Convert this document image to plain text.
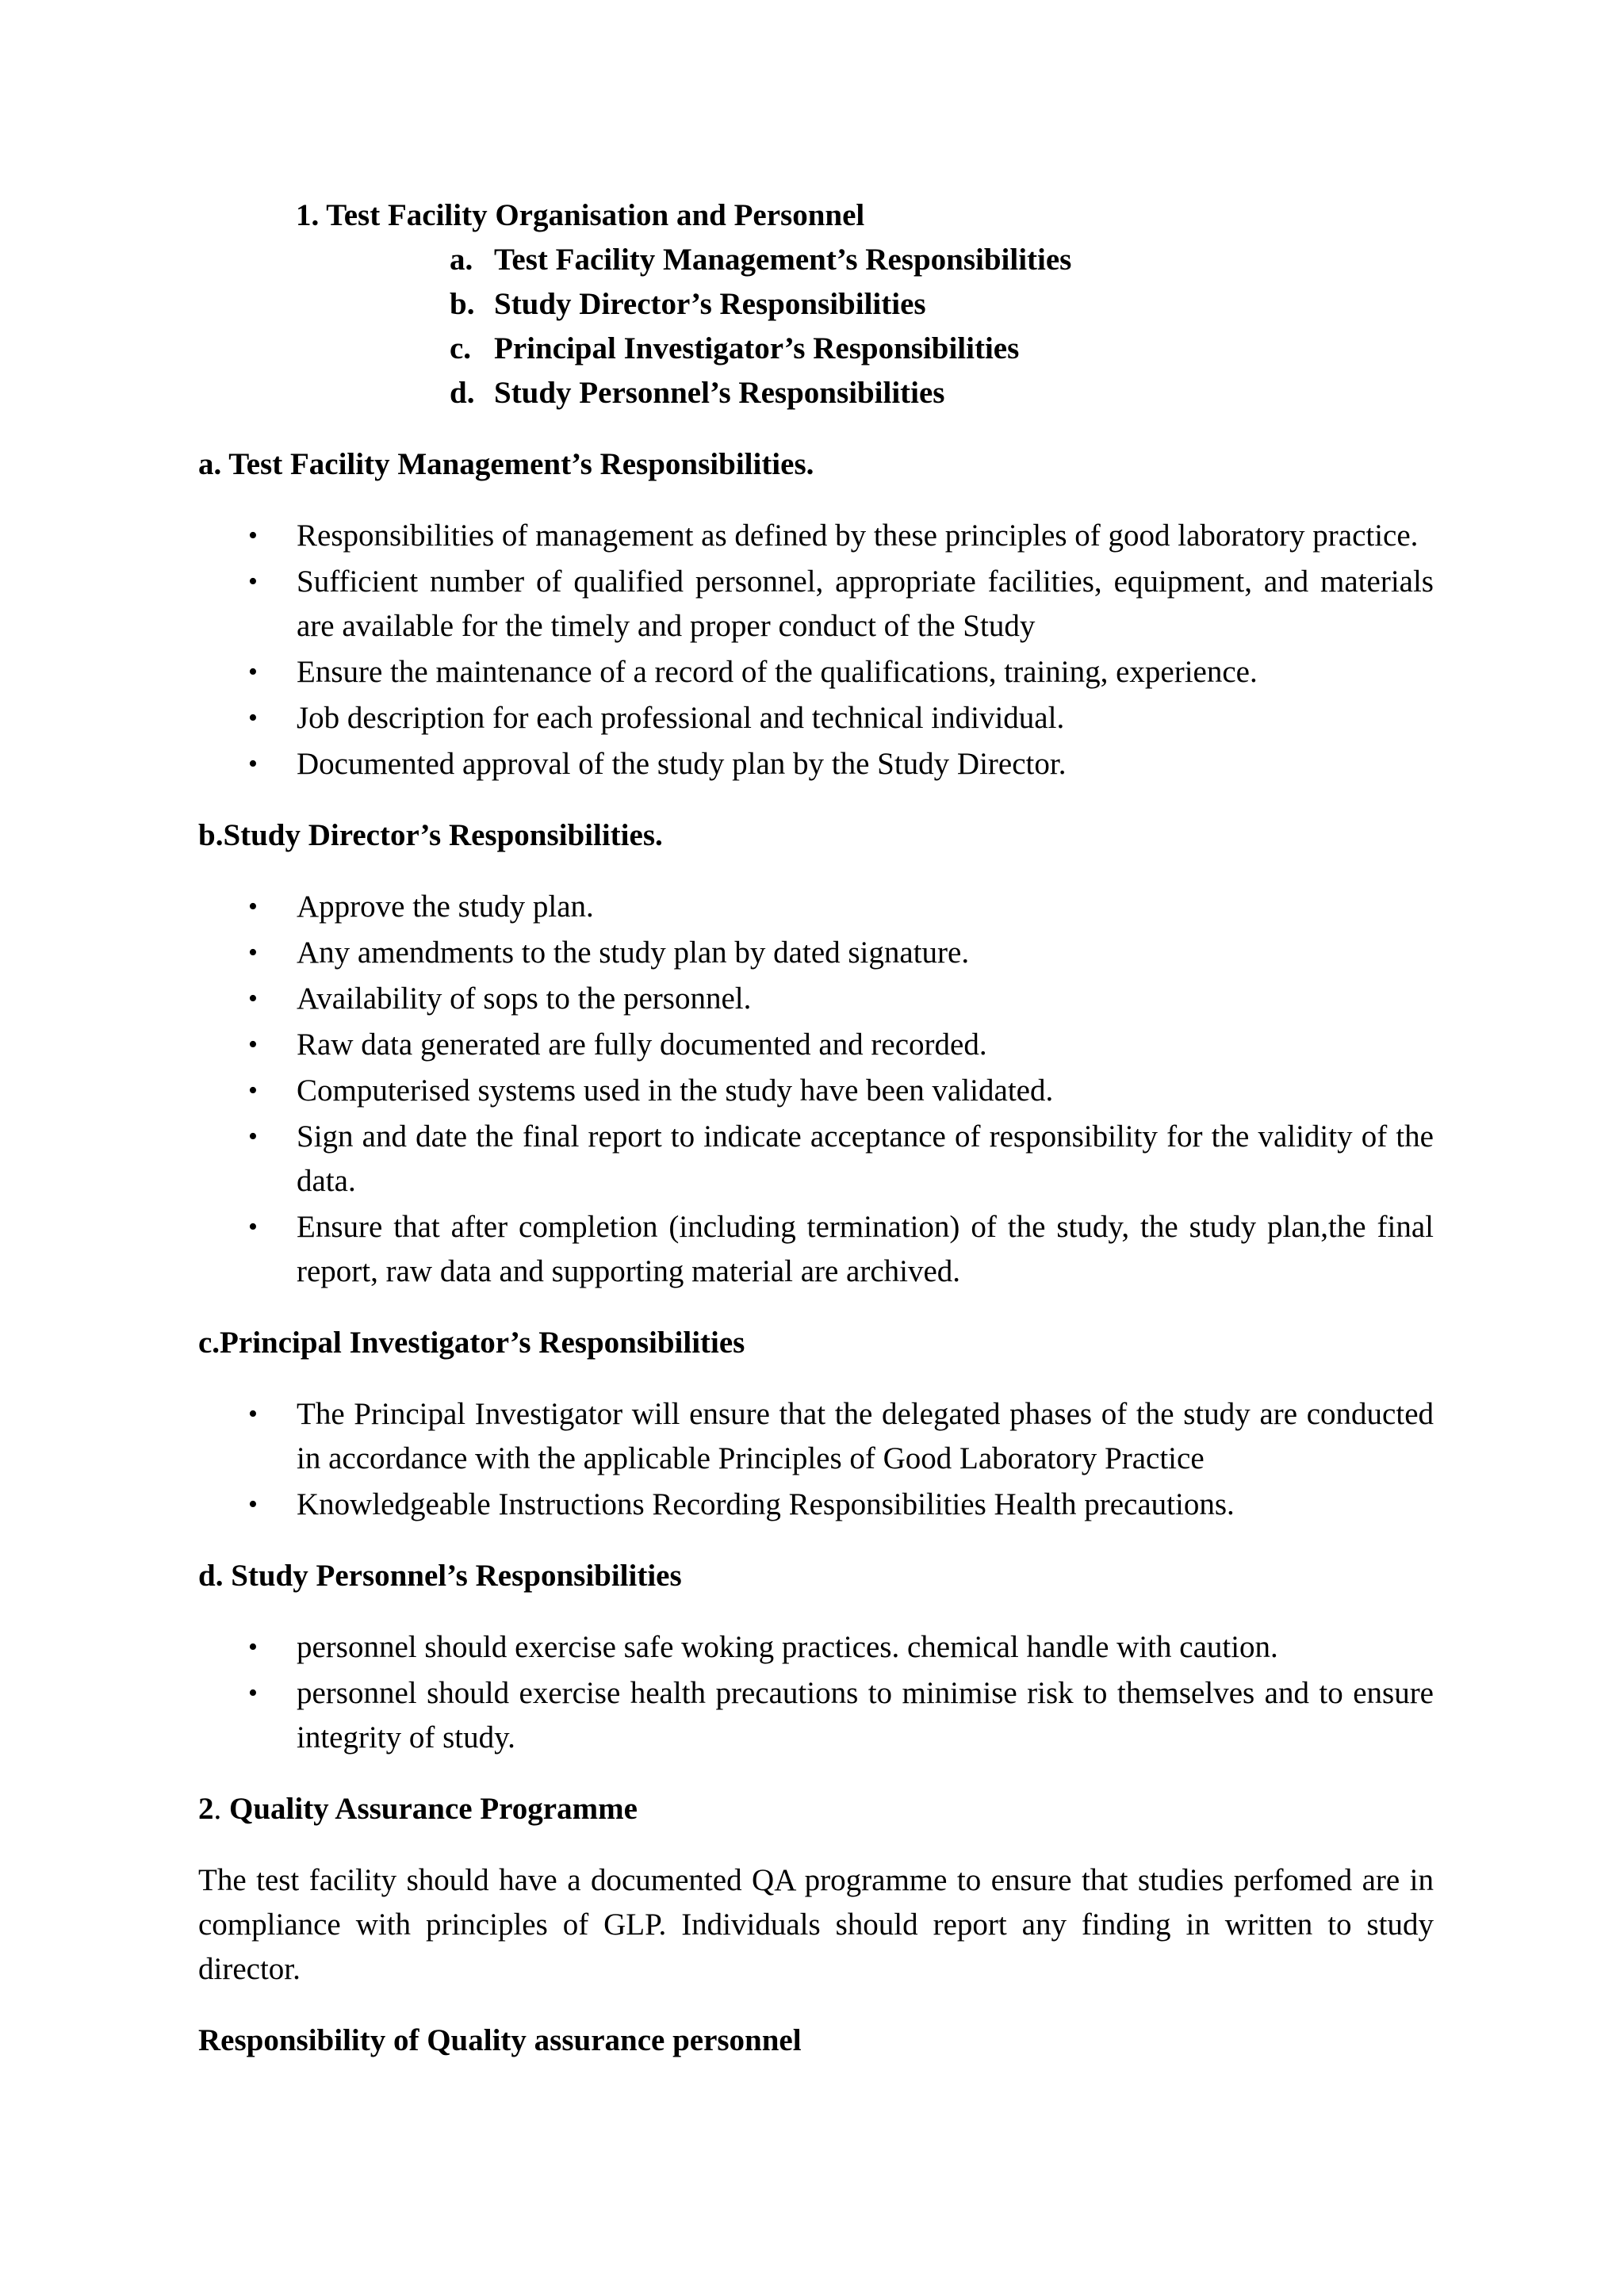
1. Test Facility Organisation and Personnel
a. Test Facility Management’s Responsibilities
b. Study Director’s Responsibilities
c. Principal Investigator’s Responsibilities
d. Study Personnel’s Responsibilities
a. Test Facility Management’s Responsibilities.
• Responsibilities of management as defined by these principles of good laboratory practice.
• Sufficient number of qualified personnel, appropriate facilities, equipment, and materials are available for the timely and proper conduct of the Study
• Ensure the maintenance of a record of the qualifications, training, experience.
• Job description for each professional and technical individual.
• Documented approval of the study plan by the Study Director.
b.Study Director’s Responsibilities.
• Approve the study plan.
• Any amendments to the study plan by dated signature.
• Availability of sops to the personnel.
• Raw data generated are fully documented and recorded.
• Computerised systems used in the study have been validated.
• Sign and date the final report to indicate acceptance of responsibility for the validity of the data.
• Ensure that after completion (including termination) of the study, the study plan,the final report, raw data and supporting material are archived.
c.Principal Investigator’s Responsibilities
• The Principal Investigator will ensure that the delegated phases of the study are conducted in accordance with the applicable Principles of Good Laboratory Practice
• Knowledgeable Instructions Recording Responsibilities Health precautions.
d. Study Personnel’s Responsibilities
• personnel should exercise safe woking practices. chemical handle with caution.
• personnel should exercise health precautions to minimise risk to themselves and to ensure integrity of study.
2. Quality Assurance Programme

The test facility should have a documented QA programme to ensure that studies perfomed are in compliance with principles of GLP. Individuals should report any finding in written to study director.

Responsibility of Quality assurance personnel
